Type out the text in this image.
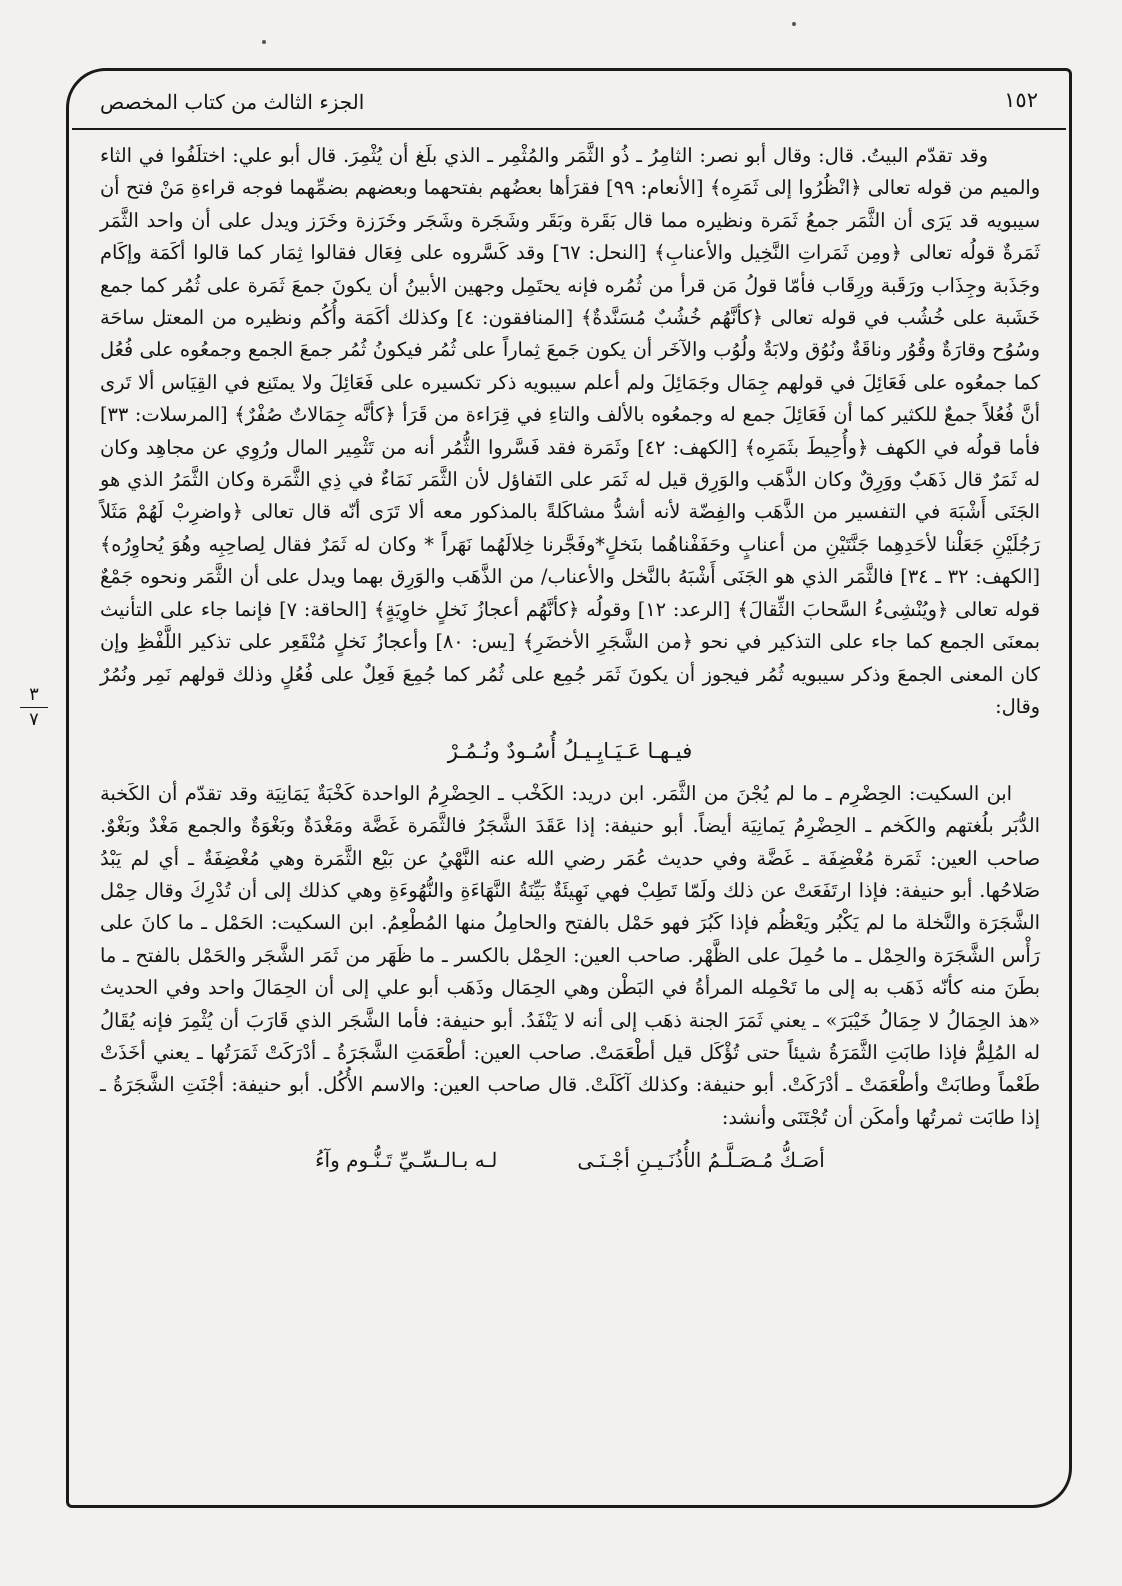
١٥٢
الجزء الثالث من كتاب المخصص
٣
٧

وقد تقدّم البيتُ. قال: وقال أبو نصر: الثامِرُ ـ ذُو الثَّمَر والمُثْمِر ـ الذي بلَغ أن يُثْمِرَ. قال أبو علي: اختلَفُوا في الثاء والميم من قوله تعالى ﴿انْظُرُوا إلى ثَمَرِه﴾ [الأنعام: ٩٩] فقرَأها بعضُهم بفتحهما وبعضهم بضمِّهما فوجه قراءةِ مَنْ فتح أن سيبويه قد يَرَى أن الثَّمَر جمعُ ثَمَرة ونظيره مما قال بَقَرة وبَقَر وشَجَرة وشَجَر وخَرَزة وخَرَز ويدل على أن واحد الثَّمَر ثَمَرةٌ قولُه تعالى ﴿ومِن ثَمَراتِ النَّخِيل والأعنابِ﴾ [النحل: ٦٧] وقد كَسَّروه على فِعَال فقالوا ثِمَار كما قالوا أكَمَة وإكَام وجَذَبة وجِذَاب ورَقَبة ورِقَاب فأمّا قولُ مَن قرأ من ثُمُره فإنه يحتَمِل وجهين الأبينُ أن يكونَ جمعَ ثَمَرة على ثُمُر كما جمع خَشَبة على خُشُب في قوله تعالى ﴿كأنَّهُم خُشُبٌ مُسَنَّدةٌ﴾ [المنافقون: ٤] وكذلك أكَمَة وأُكُم ونظيره من المعتل ساحَة وسُوُح وقارَةٌ وقُوُر وناقَةٌ ونُوُق ولابَةٌ ولُوُب والآخَر أن يكون جَمعَ ثِماراً على ثُمُر فيكونُ ثُمُر جمعَ الجمع وجمعُوه على فُعُل كما جمعُوه على فَعَائِلَ في قولهم جِمَال وجَمَائِلَ ولم أعلم سيبويه ذكر تكسيره على فَعَائِلَ ولا يمتَنِع في القِيَاس ألا تَرى أنَّ فُعُلاً جمعٌ للكثير كما أن فَعَائِلَ جمع له وجمعُوه بالألف والتاءِ في قِرَاءة من قَرَأ ﴿كأنَّه جِمَالاتٌ صُفْرٌ﴾ [المرسلات: ٣٣] فأما قولُه في الكهف ﴿وأُحِيطَ بثَمَرِه﴾ [الكهف: ٤٢] وثَمَرة فقد فَسَّروا الثُّمُر أنه من تَثْمِير المال ورُوِي عن مجاهِد وكان له ثَمَرٌ قال ذَهَبٌ ووَرِقٌ وكان الذَّهَب والوَرِق قيل له ثَمَر على التَفاؤل لأن الثَّمَر نَمَاءٌ في ذِي الثَّمَرة وكان الثَّمَرُ الذي هو الجَنَى أَشْبَهَ في التفسير من الذَّهَب والفِضّة لأنه أشدُّ مشاكَلةً بالمذكور معه ألا تَرَى أنّه قال تعالى ﴿واضرِبْ لَهُمْ مَثَلاً رَجُلَيْنِ جَعَلْنا لأحَدِهِما جَنَّتَيْنِ من أعنابٍ وحَفَفْناهُما بنَخلٍ*وفَجَّرنا خِلالَهُما نَهَراً * وكان له ثَمَرٌ فقال لِصاحِبِه وهُوَ يُحاوِرُه﴾ [الكهف: ٣٢ ـ ٣٤] فالثَّمَر الذي هو الجَنَى أَشْبَهُ بالنَّخل والأعناب/ من الذَّهَب والوَرِق بهما ويدل على أن الثَّمَر ونحوه جَمْعٌ قوله تعالى ﴿ويُنْشِىءُ السَّحابَ الثِّقالَ﴾ [الرعد: ١٢] وقولُه ﴿كأنَّهُم أعجازُ نَخلٍ خاوِيَةٍ﴾ [الحاقة: ٧] فإنما جاء على التأنيث بمعنَى الجمع كما جاء على التذكير في نحو ﴿من الشَّجَرِ الأخضَرِ﴾ [يس: ٨٠] وأعجازُ نَخلٍ مُنْقَعِر على تذكير اللَّفْظِ وإن كان المعنى الجمعَ وذكر سيبويه ثُمُر فيجوز أن يكونَ ثَمَر جُمِع على ثُمُر كما جُمِعَ فَعِلٌ على فُعُلٍ وذلك قولهم نَمِر ونُمُرٌ وقال:

فيـهـا عَـيَـايِـيـلُ أُسُـودٌ ونُـمُـرْ

ابن السكيت: الحِضْرِم ـ ما لم يُجْنَ من الثَّمَر. ابن دريد: الكَخْب ـ الحِضْرِمُ الواحدة كَخْبَةٌ يَمَانِيَة وقد تقدّم أن الكَخبة الدُّبَر بلُغتهم والكَخم ـ الحِضْرِمُ يَمانِيَة أيضاً. أبو حنيفة: إذا عَقَدَ الشَّجَرُ فالثَّمَرة غَضَّة ومَغْدَةٌ وبَغْوَةٌ والجمع مَغْدٌ وبَغْوٌ. صاحب العين: ثَمَرة مُغْضِفَة ـ غَضَّة وفي حديث عُمَر رضي الله عنه النَّهْيُ عن بَيْع الثَّمَرة وهي مُغْضِفَةٌ ـ أي لم يَبْدُ صَلاحُها. أبو حنيفة: فإذا ارتَفَعَتْ عن ذلك ولَمّا تَطِبْ فهي نَهِيئَةٌ بَيِّنَةُ النَّهَاءَةِ والنُّهُوءَةِ وهي كذلك إلى أن تُدْرِكَ وقال حِمْل الشَّجَرَة والنَّخلة ما لم يَكْبُر ويَعْظُم فإذا كَبُرَ فهو حَمْل بالفتح والحامِلُ منها المُطْعِمُ. ابن السكيت: الحَمْل ـ ما كانَ على رَأْس الشَّجَرَة والحِمْل ـ ما حُمِلَ على الظَّهْر. صاحب العين: الحِمْل بالكسر ـ ما ظَهَر من ثَمَر الشَّجَر والحَمْل بالفتح ـ ما بطَنَ منه كأنّه ذَهَب به إلى ما تَحْمِله المرأةُ في البَطْن وهي الحِمَال وذَهَب أبو علي إلى أن الحِمَالَ واحد وفي الحديث «هذ الحِمَالُ لا حِمَالُ خَيْبَرَ» ـ يعني ثَمَرَ الجنة ذهَب إلى أنه لا يَنْفَدُ. أبو حنيفة: فأما الشَّجَر الذي قَارَبَ أن يُثْمِرَ فإنه يُقَالُ له المُلِمُّ فإذا طابَتِ الثَّمَرَةُ شيئاً حتى تُؤْكَل قيل أطْعَمَتْ. صاحب العين: أطْعَمَتِ الشَّجَرَةُ ـ أدْرَكَتْ ثَمَرَتُها ـ يعني أخَذَتْ طَعْماً وطابَتْ وأطْعَمَتْ ـ أدْرَكَتْ. أبو حنيفة: وكذلك آكَلَتْ. قال صاحب العين: والاسم الأُكُل. أبو حنيفة: أجْنَتِ الشَّجَرَةُ ـ إذا طابَت ثمرتُها وأمكَن أن تُجْتَنَى وأنشد:

أصَـكُّ مُـصَـلَّـمُ الأُذُنَـيـنِ أجْـنَـى
لـه بـالـسِّـيِّ تَـنُّـوم وآءُ
